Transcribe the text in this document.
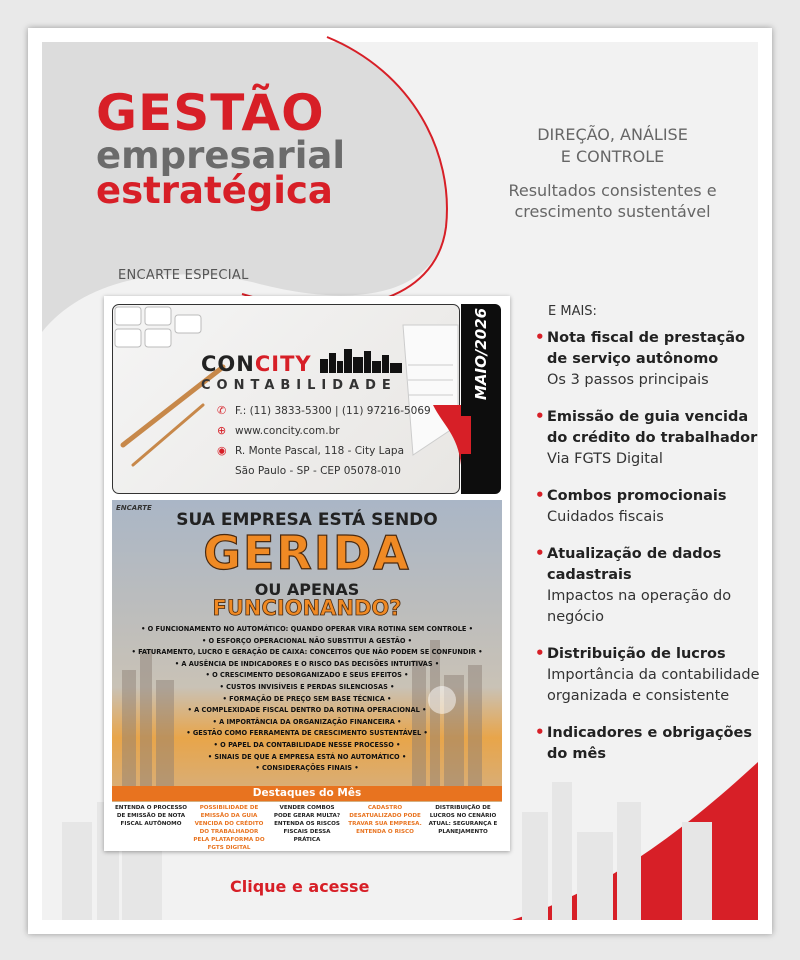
GESTÃO
empresarial
estratégica
ENCARTE ESPECIAL
DIREÇÃO, ANÁLISE
E CONTROLE
Resultados consistentes e
crescimento sustentável
CONCITY
CONTABILIDADE
✆ F.: (11) 3833-5300 | (11) 97216-5069
⊕ www.concity.com.br
◉ R. Monte Pascal, 118 - City Lapa
São Paulo - SP - CEP 05078-010
ENCARTE
SUA EMPRESA ESTÁ SENDO
GERIDA
OU APENAS
FUNCIONANDO?
• O FUNCIONAMENTO NO AUTOMÁTICO: QUANDO OPERAR VIRA ROTINA SEM CONTROLE •
• O ESFORÇO OPERACIONAL NÃO SUBSTITUI A GESTÃO •
• FATURAMENTO, LUCRO E GERAÇÃO DE CAIXA: CONCEITOS QUE NÃO PODEM SE CONFUNDIR •
• A AUSÊNCIA DE INDICADORES E O RISCO DAS DECISÕES INTUITIVAS •
• O CRESCIMENTO DESORGANIZADO E SEUS EFEITOS •
• CUSTOS INVISÍVEIS E PERDAS SILENCIOSAS •
• FORMAÇÃO DE PREÇO SEM BASE TÉCNICA •
• A COMPLEXIDADE FISCAL DENTRO DA ROTINA OPERACIONAL •
• A IMPORTÂNCIA DA ORGANIZAÇÃO FINANCEIRA •
• GESTÃO COMO FERRAMENTA DE CRESCIMENTO SUSTENTÁVEL •
• O PAPEL DA CONTABILIDADE NESSE PROCESSO •
• SINAIS DE QUE A EMPRESA ESTÁ NO AUTOMÁTICO •
• CONSIDERAÇÕES FINAIS •
Destaques do Mês
ENTENDA O PROCESSO DE EMISSÃO DE NOTA FISCAL AUTÔNOMO
POSSIBILIDADE DE EMISSÃO DA GUIA VENCIDA DO CRÉDITO DO TRABALHADOR PELA PLATAFORMA DO FGTS DIGITAL
VENDER COMBOS PODE GERAR MULTA? ENTENDA OS RISCOS FISCAIS DESSA PRÁTICA
CADASTRO DESATUALIZADO PODE TRAVAR SUA EMPRESA. ENTENDA O RISCO
DISTRIBUIÇÃO DE LUCROS NO CENÁRIO ATUAL: SEGURANÇA E PLANEJAMENTO
E MAIS:
• Nota fiscal de prestação de serviço autônomo
Os 3 passos principais
• Emissão de guia vencida do crédito do trabalhador
Via FGTS Digital
• Combos promocionais
Cuidados fiscais
• Atualização de dados cadastrais
Impactos na operação do negócio
• Distribuição de lucros
Importância da contabilidade organizada e consistente
• Indicadores e obrigações do mês
Clique e acesse
